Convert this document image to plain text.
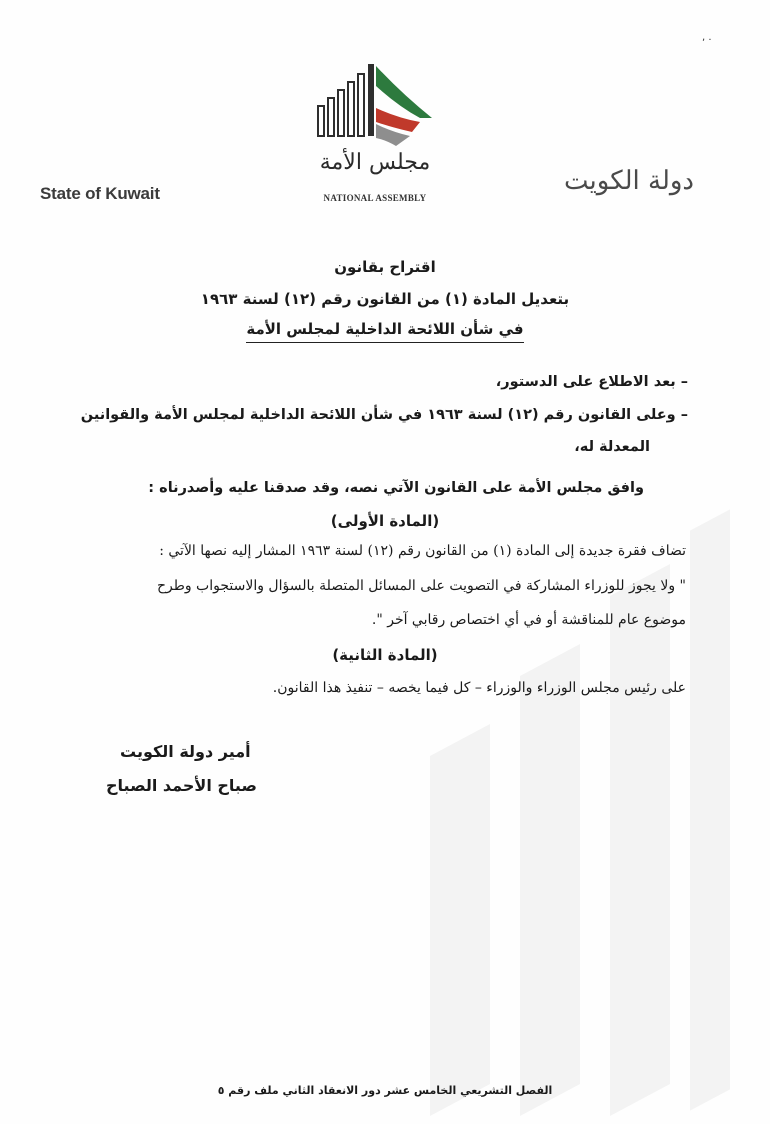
, .
State of Kuwait	دولة الكويت
مجلس الأمة
NATIONAL ASSEMBLY
اقتراح بقانون
بتعديل المادة (١) من القانون رقم (١٢) لسنة ١٩٦٣
في شأن اللائحة الداخلية لمجلس الأمة
– بعد الاطلاع على الدستور،
– وعلى القانون رقم (١٢) لسنة ١٩٦٣ في شأن اللائحة الداخلية لمجلس الأمة والقوانين
المعدلة له،
وافق مجلس الأمة على القانون الآتي نصه، وقد صدقنا عليه وأصدرناه :
(المادة الأولى)
تضاف فقرة جديدة إلى المادة (١) من القانون رقم (١٢) لسنة ١٩٦٣ المشار إليه نصها الآتي :
" ولا يجوز للوزراء المشاركة في التصويت على المسائل المتصلة بالسؤال والاستجواب وطرح
موضوع عام للمناقشة أو في أي اختصاص رقابي آخر ".
(المادة الثانية)
على رئيس مجلس الوزراء والوزراء – كل فيما يخصه – تنفيذ هذا القانون.
أمير دولة الكويت
صباح الأحمد الصباح
الفصل التشريعي الخامس عشر دور الانعقاد الثاني ملف رقم ٥
